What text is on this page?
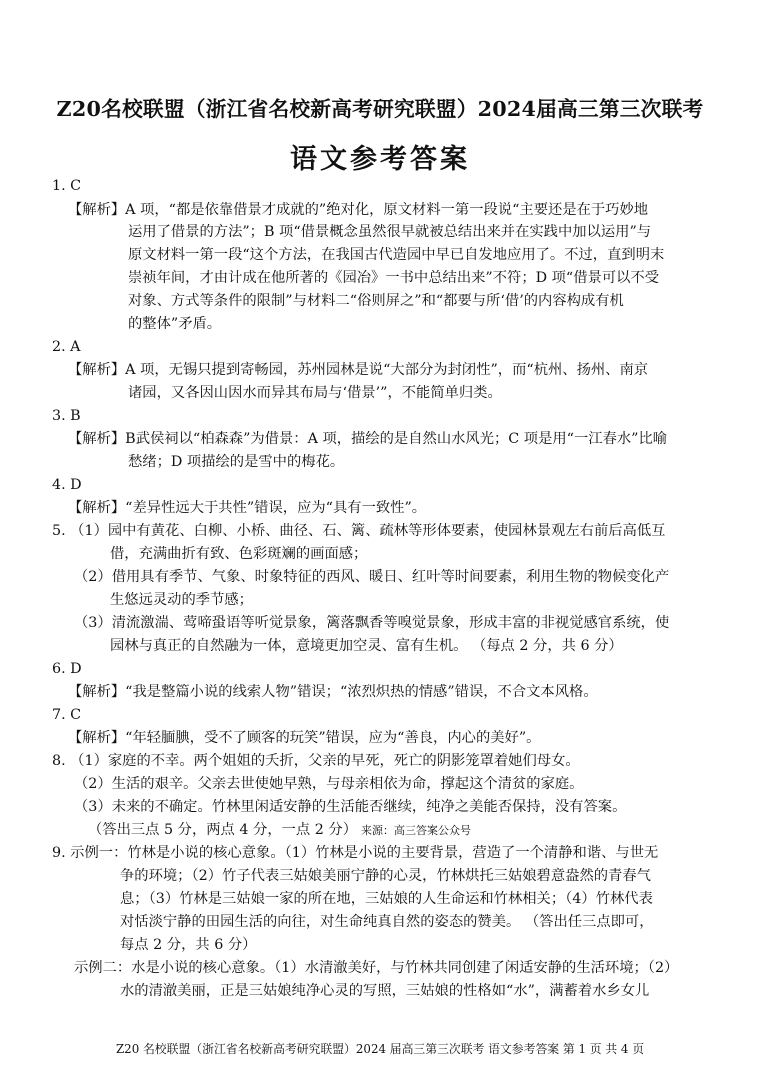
Z20名校联盟（浙江省名校新高考研究联盟）2024届高三第三次联考
语文参考答案
1. C
【解析】A 项，“都是依靠借景才成就的”绝对化，原文材料一第一段说“主要还是在于巧妙地
运用了借景的方法”；B 项“借景概念虽然很早就被总结出来并在实践中加以运用”与
原文材料一第一段“这个方法，在我国古代造园中早已自发地应用了。不过，直到明末
崇祯年间，才由计成在他所著的《园冶》一书中总结出来”不符；D 项“借景可以不受
对象、方式等条件的限制”与材料二“俗则屏之”和“都要与所‘借’的内容构成有机
的整体”矛盾。
2. A
【解析】A 项，无锡只提到寄畅园，苏州园林是说“大部分为封闭性”，而“杭州、扬州、南京
诸园，又各因山因水而异其布局与‘借景’”，不能简单归类。
3. B
【解析】B武侯祠以“柏森森”为借景：A 项，描绘的是自然山水风光；C 项是用“一江春水”比喻
愁绪；D 项描绘的是雪中的梅花。
4. D
【解析】“差异性远大于共性”错误，应为“具有一致性”。
5. （1）园中有黄花、白柳、小桥、曲径、石、篱、疏林等形体要素，使园林景观左右前后高低互
借，充满曲折有致、色彩斑斓的画面感；
（2）借用具有季节、气象、时象特征的西风、暖日、红叶等时间要素，利用生物的物候变化产
生悠远灵动的季节感；
（3）清流激湍、莺啼蛩语等听觉景象，篱落飘香等嗅觉景象，形成丰富的非视觉感官系统，使
园林与真正的自然融为一体，意境更加空灵、富有生机。 （每点 2 分，共 6 分）
6. D
【解析】“我是整篇小说的线索人物”错误；“浓烈炽热的情感”错误，不合文本风格。
7. C
【解析】“年轻腼腆，受不了顾客的玩笑”错误，应为“善良，内心的美好”。
8. （1）家庭的不幸。两个姐姐的夭折，父亲的早死，死亡的阴影笼罩着她们母女。
（2）生活的艰辛。父亲去世使她早熟，与母亲相依为命，撑起这个清贫的家庭。
（3）未来的不确定。竹林里闲适安静的生活能否继续，纯净之美能否保持，没有答案。
（答出三点 5 分，两点 4 分，一点 2 分） 来源：高三答案公众号
9. 示例一：竹林是小说的核心意象。（1）竹林是小说的主要背景，营造了一个清静和谐、与世无
争的环境；（2）竹子代表三姑娘美丽宁静的心灵，竹林烘托三姑娘碧意盎然的青春气
息；（3）竹林是三姑娘一家的所在地，三姑娘的人生命运和竹林相关；（4）竹林代表
对恬淡宁静的田园生活的向往，对生命纯真自然的姿态的赞美。 （答出任三点即可，
每点 2 分，共 6 分）
示例二：水是小说的核心意象。（1）水清澈美好，与竹林共同创建了闲适安静的生活环境；（2）
水的清澈美丽，正是三姑娘纯净心灵的写照，三姑娘的性格如“水”，满蓄着水乡女儿
Z20 名校联盟（浙江省名校新高考研究联盟）2024 届高三第三次联考 语文参考答案 第 1 页 共 4 页
